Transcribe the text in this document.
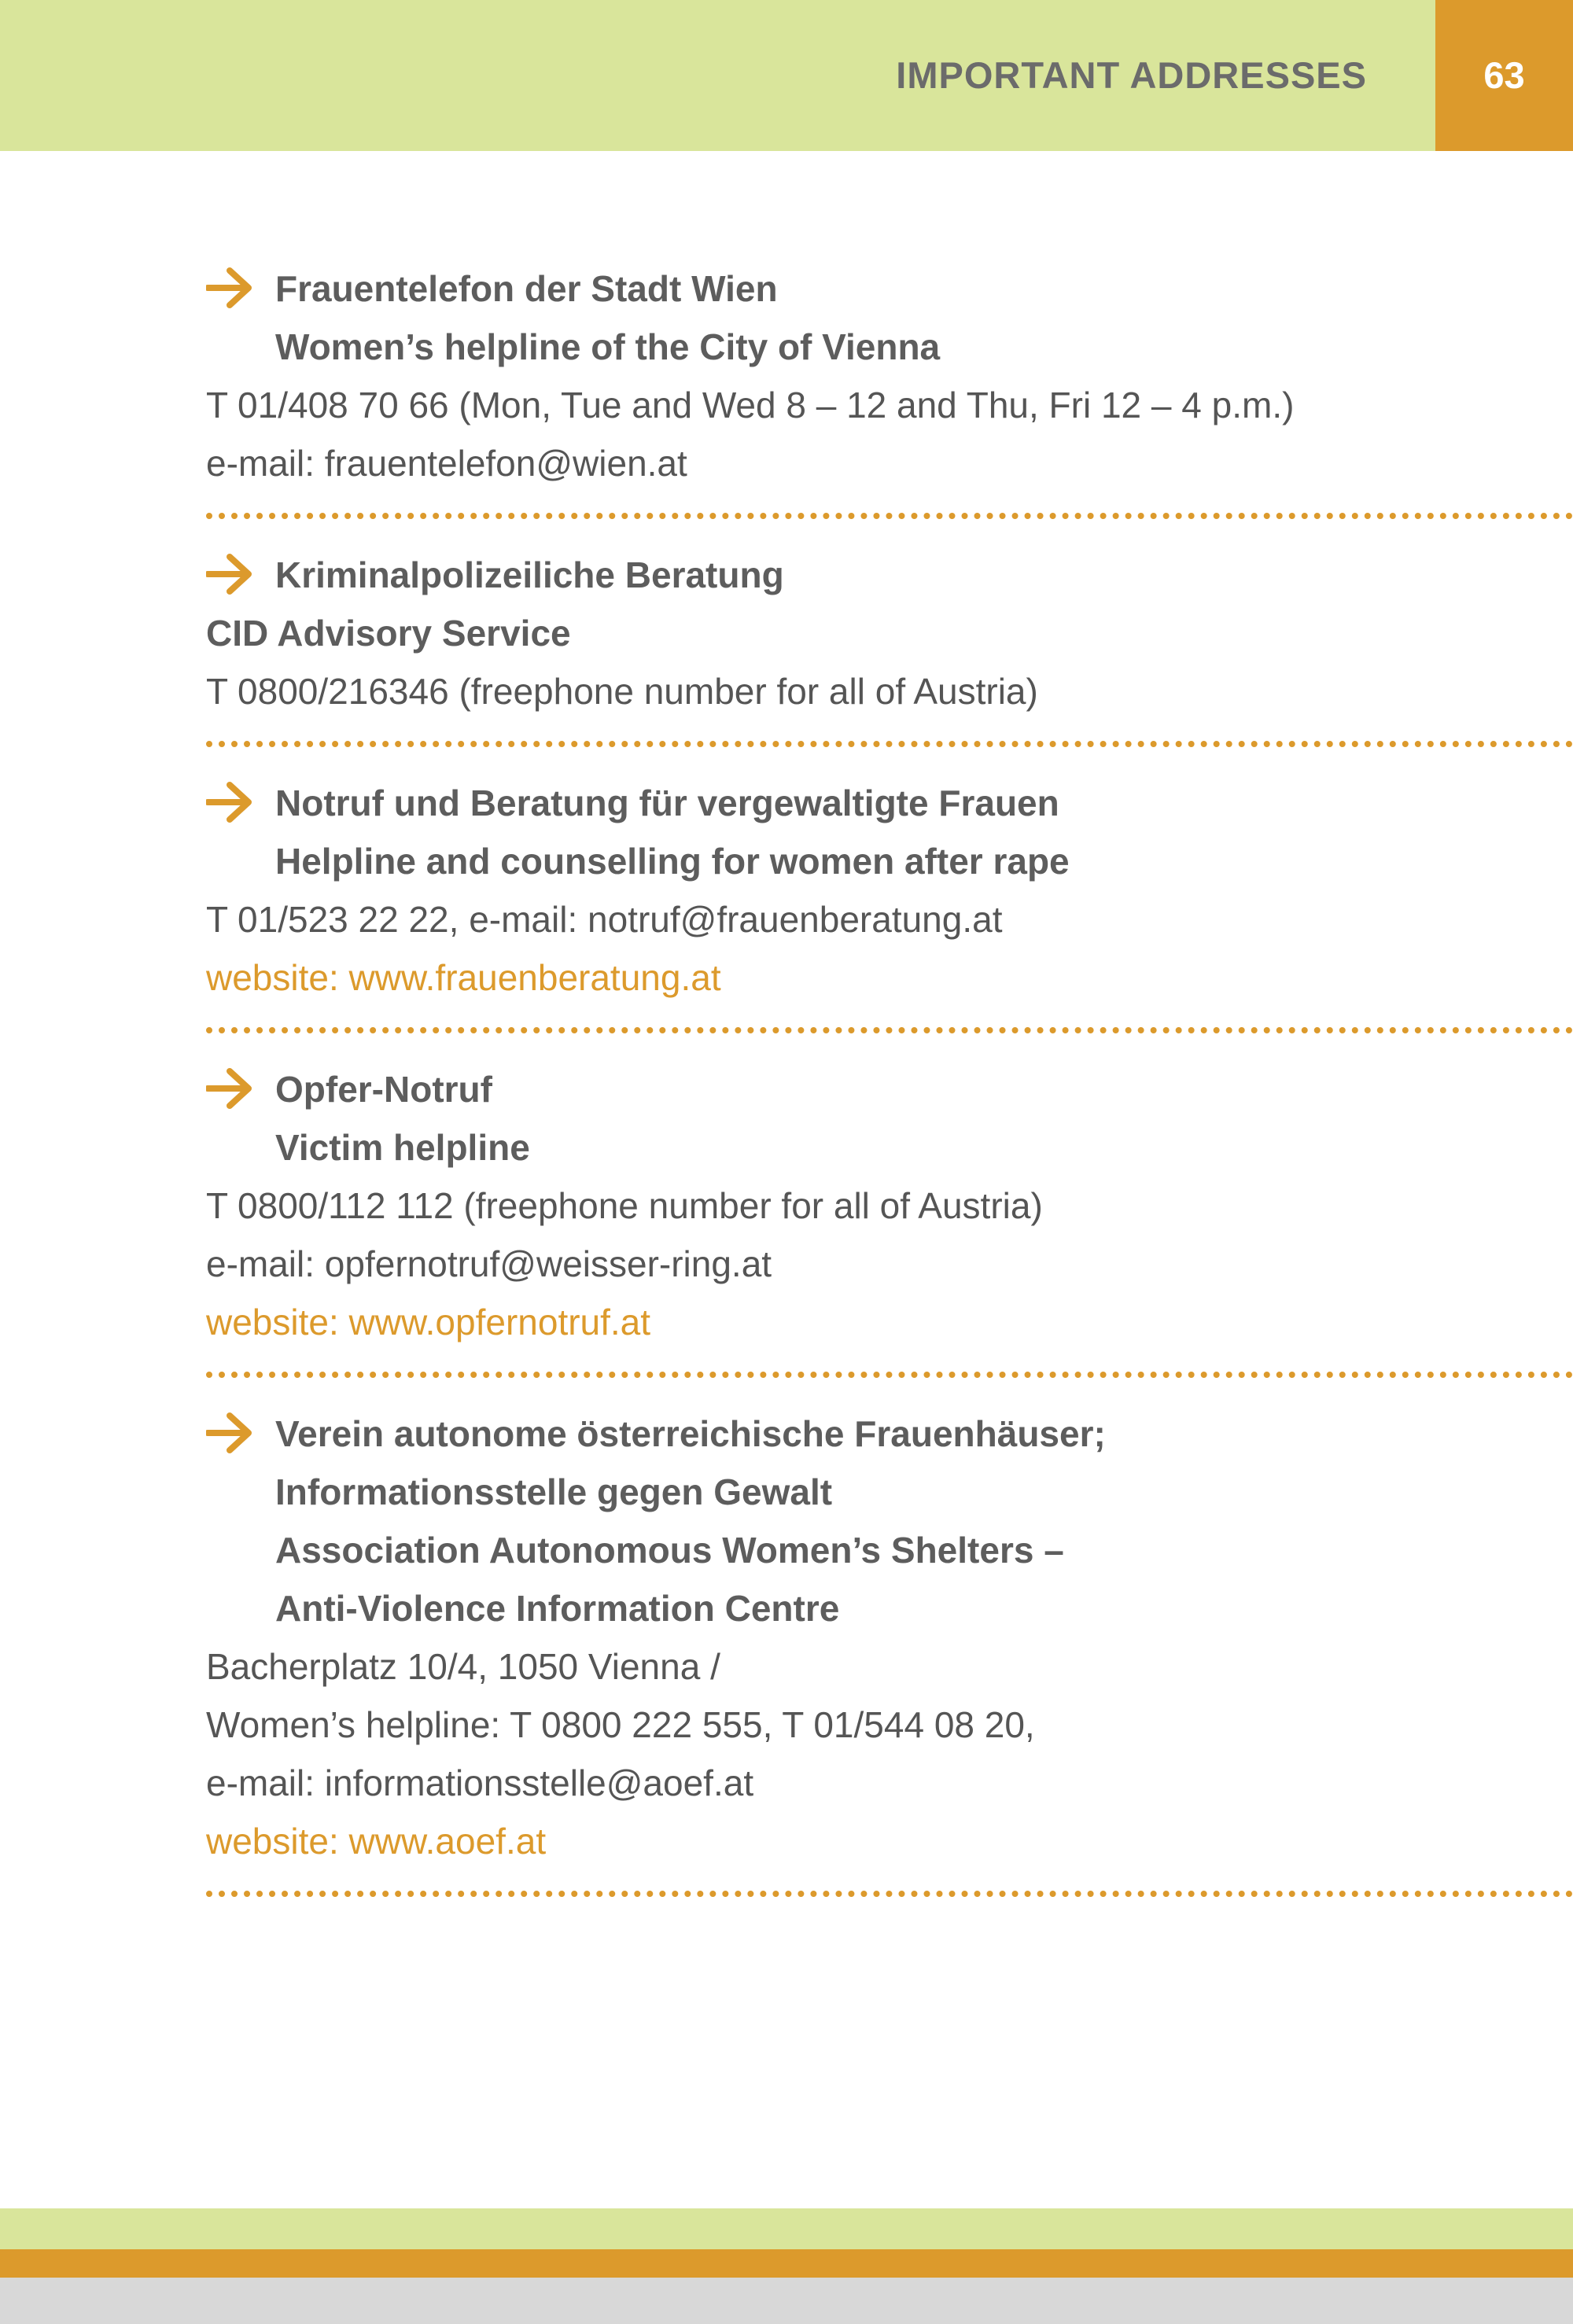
IMPORTANT ADDRESSES	63
Frauentelefon der Stadt Wien
Women’s helpline of the City of Vienna
T 01/408 70 66 (Mon, Tue and Wed 8 – 12 and Thu, Fri 12 – 4 p.m.)
e-mail: frauentelefon@wien.at
Kriminalpolizeiliche Beratung
CID Advisory Service
T 0800/216346 (freephone number for all of Austria)
Notruf und Beratung für vergewaltigte Frauen
Helpline and counselling for women after rape
T 01/523 22 22, e-mail: notruf@frauenberatung.at
website: www.frauenberatung.at
Opfer-Notruf
Victim helpline
T 0800/112 112 (freephone number for all of Austria)
e-mail: opfernotruf@weisser-ring.at
website: www.opfernotruf.at
Verein autonome österreichische Frauenhäuser;
Informationsstelle gegen Gewalt
Association Autonomous Women’s Shelters –
Anti-Violence Information Centre
Bacherplatz 10/4, 1050 Vienna /
Women’s helpline: T 0800 222 555, T 01/544 08 20,
e-mail: informationsstelle@aoef.at
website: www.aoef.at
